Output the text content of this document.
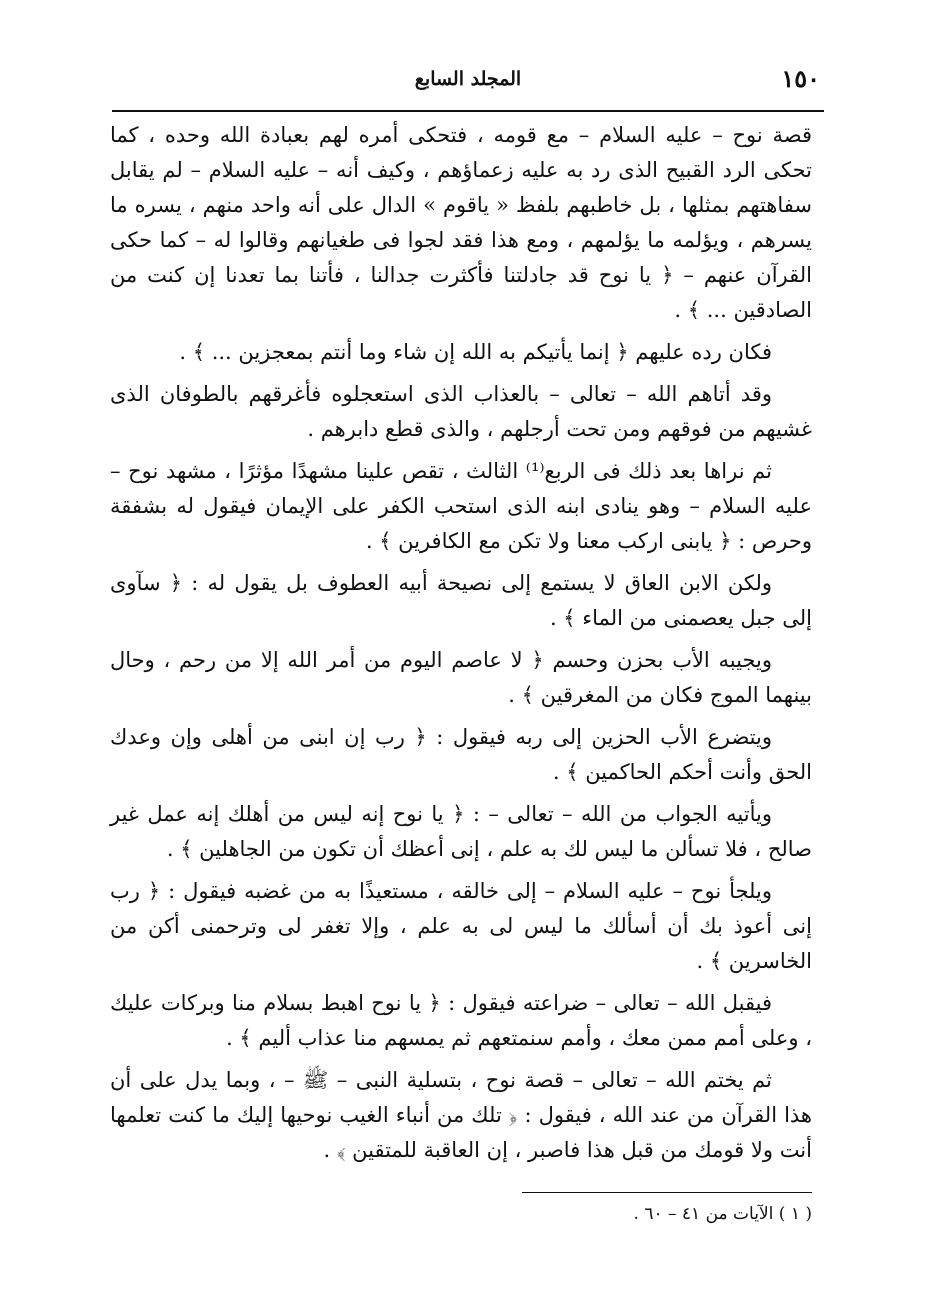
١٥٠
المجلد السابع

قصة نوح – عليه السلام – مع قومه ، فتحكى أمره لهم بعبادة الله وحده ، كما تحكى الرد القبيح الذى رد به عليه زعماؤهم ، وكيف أنه – عليه السلام – لم يقابل سفاهتهم بمثلها ، بل خاطبهم بلفظ « ياقوم » الدال على أنه واحد منهم ، يسره ما يسرهم ، ويؤلمه ما يؤلمهم ، ومع هذا فقد لجوا فى طغيانهم وقالوا له – كما حكى القرآن عنهم – ﴿ يا نوح قد جادلتنا فأكثرت جدالنا ، فأتنا بما تعدنا إن كنت من الصادقين ... ﴾ .

فكان رده عليهم ﴿ إنما يأتيكم به الله إن شاء وما أنتم بمعجزين ... ﴾ .

وقد أتاهم الله – تعالى – بالعذاب الذى استعجلوه فأغرقهم بالطوفان الذى غشيهم من فوقهم ومن تحت أرجلهم ، والذى قطع دابرهم .

ثم نراها بعد ذلك فى الربع⁽¹⁾ الثالث ، تقص علينا مشهدًا مؤثرًا ، مشهد نوح – عليه السلام – وهو ينادى ابنه الذى استحب الكفر على الإيمان فيقول له بشفقة وحرص : ﴿ يابنى اركب معنا ولا تكن مع الكافرين ﴾ .

ولكن الابن العاق لا يستمع إلى نصيحة أبيه العطوف بل يقول له : ﴿ سآوى إلى جبل يعصمنى من الماء ﴾ .

ويجيبه الأب بحزن وحسم ﴿ لا عاصم اليوم من أمر الله إلا من رحم ، وحال بينهما الموج فكان من المغرقين ﴾ .

ويتضرع الأب الحزين إلى ربه فيقول : ﴿ رب إن ابنى من أهلى وإن وعدك الحق وأنت أحكم الحاكمين ﴾ .

ويأتيه الجواب من الله – تعالى – : ﴿ يا نوح إنه ليس من أهلك إنه عمل غير صالح ، فلا تسألن ما ليس لك به علم ، إنى أعظك أن تكون من الجاهلين ﴾ .

ويلجأ نوح – عليه السلام – إلى خالقه ، مستعيذًا به من غضبه فيقول : ﴿ رب إنى أعوذ بك أن أسألك ما ليس لى به علم ، وإلا تغفر لى وترحمنى أكن من الخاسرين ﴾ .

فيقبل الله – تعالى – ضراعته فيقول : ﴿ يا نوح اهبط بسلام منا وبركات عليك ، وعلى أمم ممن معك ، وأمم سنمتعهم ثم يمسهم منا عذاب أليم ﴾ .

ثم يختم الله – تعالى – قصة نوح ، بتسلية النبى – ﷺ – ، وبما يدل على أن هذا القرآن من عند الله ، فيقول : ﴿ تلك من أنباء الغيب نوحيها إليك ما كنت تعلمها أنت ولا قومك من قبل هذا فاصبر ، إن العاقبة للمتقين ﴾ .

( ١ ) الآيات من ٤١ – ٦٠ .
